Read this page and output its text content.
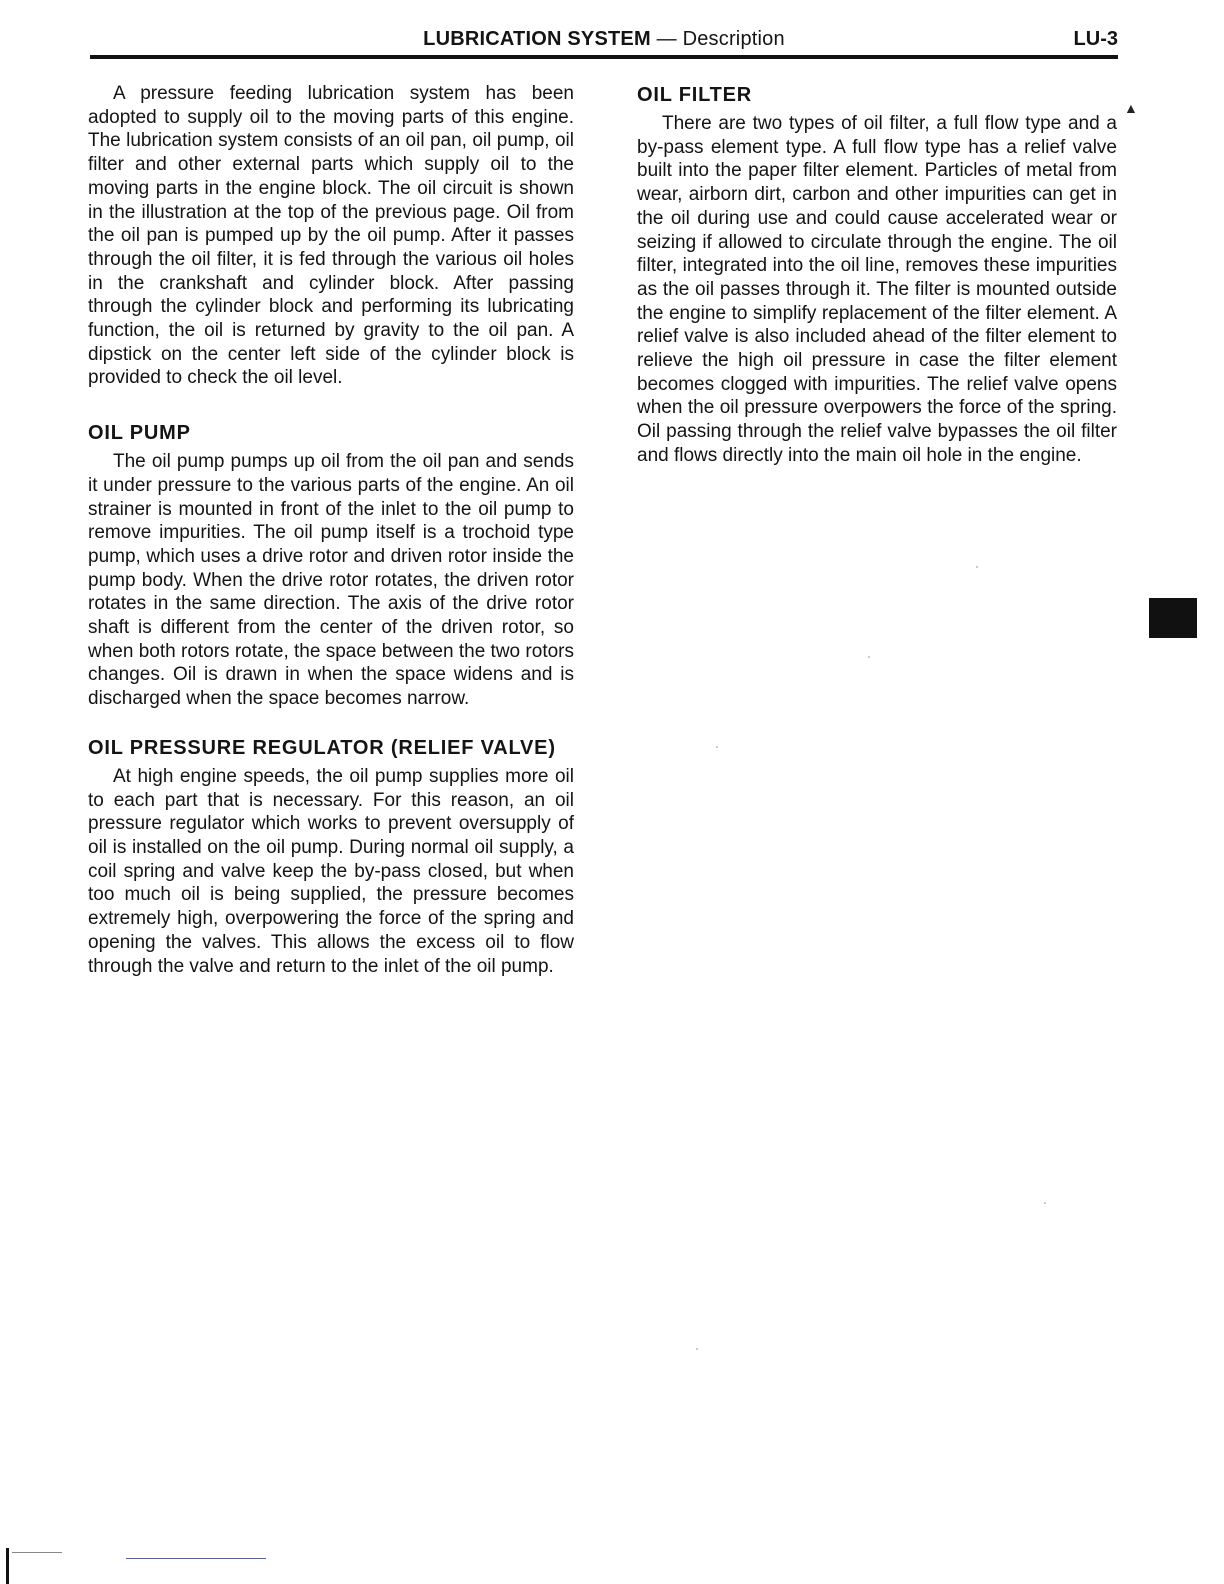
LUBRICATION SYSTEM — Description	LU-3

A pressure feeding lubrication system has been adopted to supply oil to the moving parts of this engine. The lubrication system consists of an oil pan, oil pump, oil filter and other external parts which supply oil to the moving parts in the engine block. The oil circuit is shown in the illustration at the top of the previous page. Oil from the oil pan is pumped up by the oil pump. After it passes through the oil filter, it is fed through the various oil holes in the crankshaft and cylinder block. After passing through the cylinder block and performing its lubricating function, the oil is returned by gravity to the oil pan. A dipstick on the center left side of the cylinder block is provided to check the oil level.

OIL PUMP

The oil pump pumps up oil from the oil pan and sends it under pressure to the various parts of the engine. An oil strainer is mounted in front of the inlet to the oil pump to remove impurities. The oil pump itself is a trochoid type pump, which uses a drive rotor and driven rotor inside the pump body. When the drive rotor rotates, the driven rotor rotates in the same direction. The axis of the drive rotor shaft is different from the center of the driven rotor, so when both rotors rotate, the space between the two rotors changes. Oil is drawn in when the space widens and is discharged when the space becomes narrow.

OIL PRESSURE REGULATOR (RELIEF VALVE)

At high engine speeds, the oil pump supplies more oil to each part that is necessary. For this reason, an oil pressure regulator which works to prevent oversupply of oil is installed on the oil pump. During normal oil supply, a coil spring and valve keep the by-pass closed, but when too much oil is being supplied, the pressure becomes extremely high, overpowering the force of the spring and opening the valves. This allows the excess oil to flow through the valve and return to the inlet of the oil pump.

OIL FILTER

There are two types of oil filter, a full flow type and a by-pass element type. A full flow type has a relief valve built into the paper filter element. Particles of metal from wear, airborn dirt, carbon and other impurities can get in the oil during use and could cause accelerated wear or seizing if allowed to circulate through the engine. The oil filter, integrated into the oil line, removes these impurities as the oil passes through it. The filter is mounted outside the engine to simplify replacement of the filter element. A relief valve is also included ahead of the filter element to relieve the high oil pressure in case the filter element becomes clogged with impurities. The relief valve opens when the oil pressure overpowers the force of the spring. Oil passing through the relief valve bypasses the oil filter and flows directly into the main oil hole in the engine.

▲
